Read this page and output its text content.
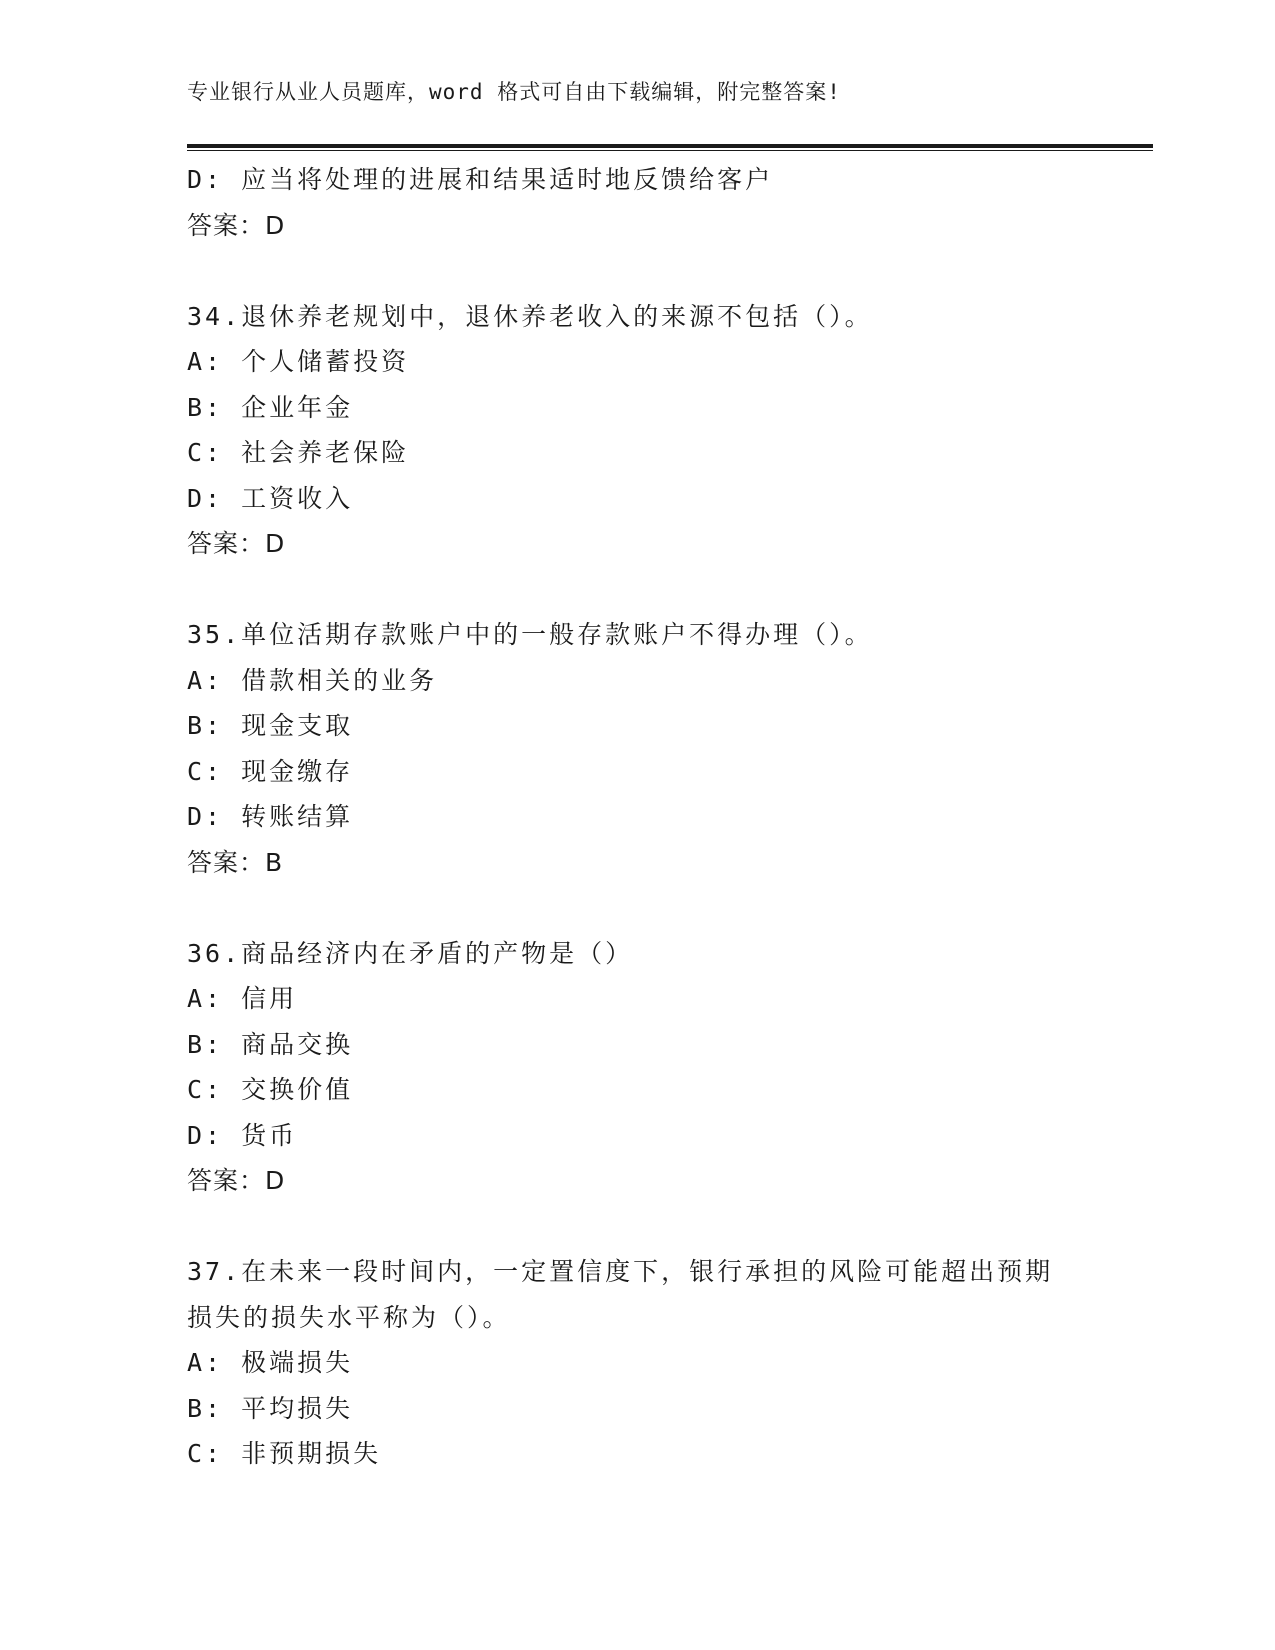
专业银行从业人员题库，word 格式可自由下载编辑，附完整答案!
D: 应当将处理的进展和结果适时地反馈给客户
答案：D
34.退休养老规划中，退休养老收入的来源不包括（）。
A: 个人储蓄投资
B: 企业年金
C: 社会养老保险
D: 工资收入
答案：D
35.单位活期存款账户中的一般存款账户不得办理（）。
A: 借款相关的业务
B: 现金支取
C: 现金缴存
D: 转账结算
答案：B
36.商品经济内在矛盾的产物是（）
A: 信用
B: 商品交换
C: 交换价值
D: 货币
答案：D
37.在未来一段时间内，一定置信度下，银行承担的风险可能超出预期
损失的损失水平称为（）。
A: 极端损失
B: 平均损失
C: 非预期损失
